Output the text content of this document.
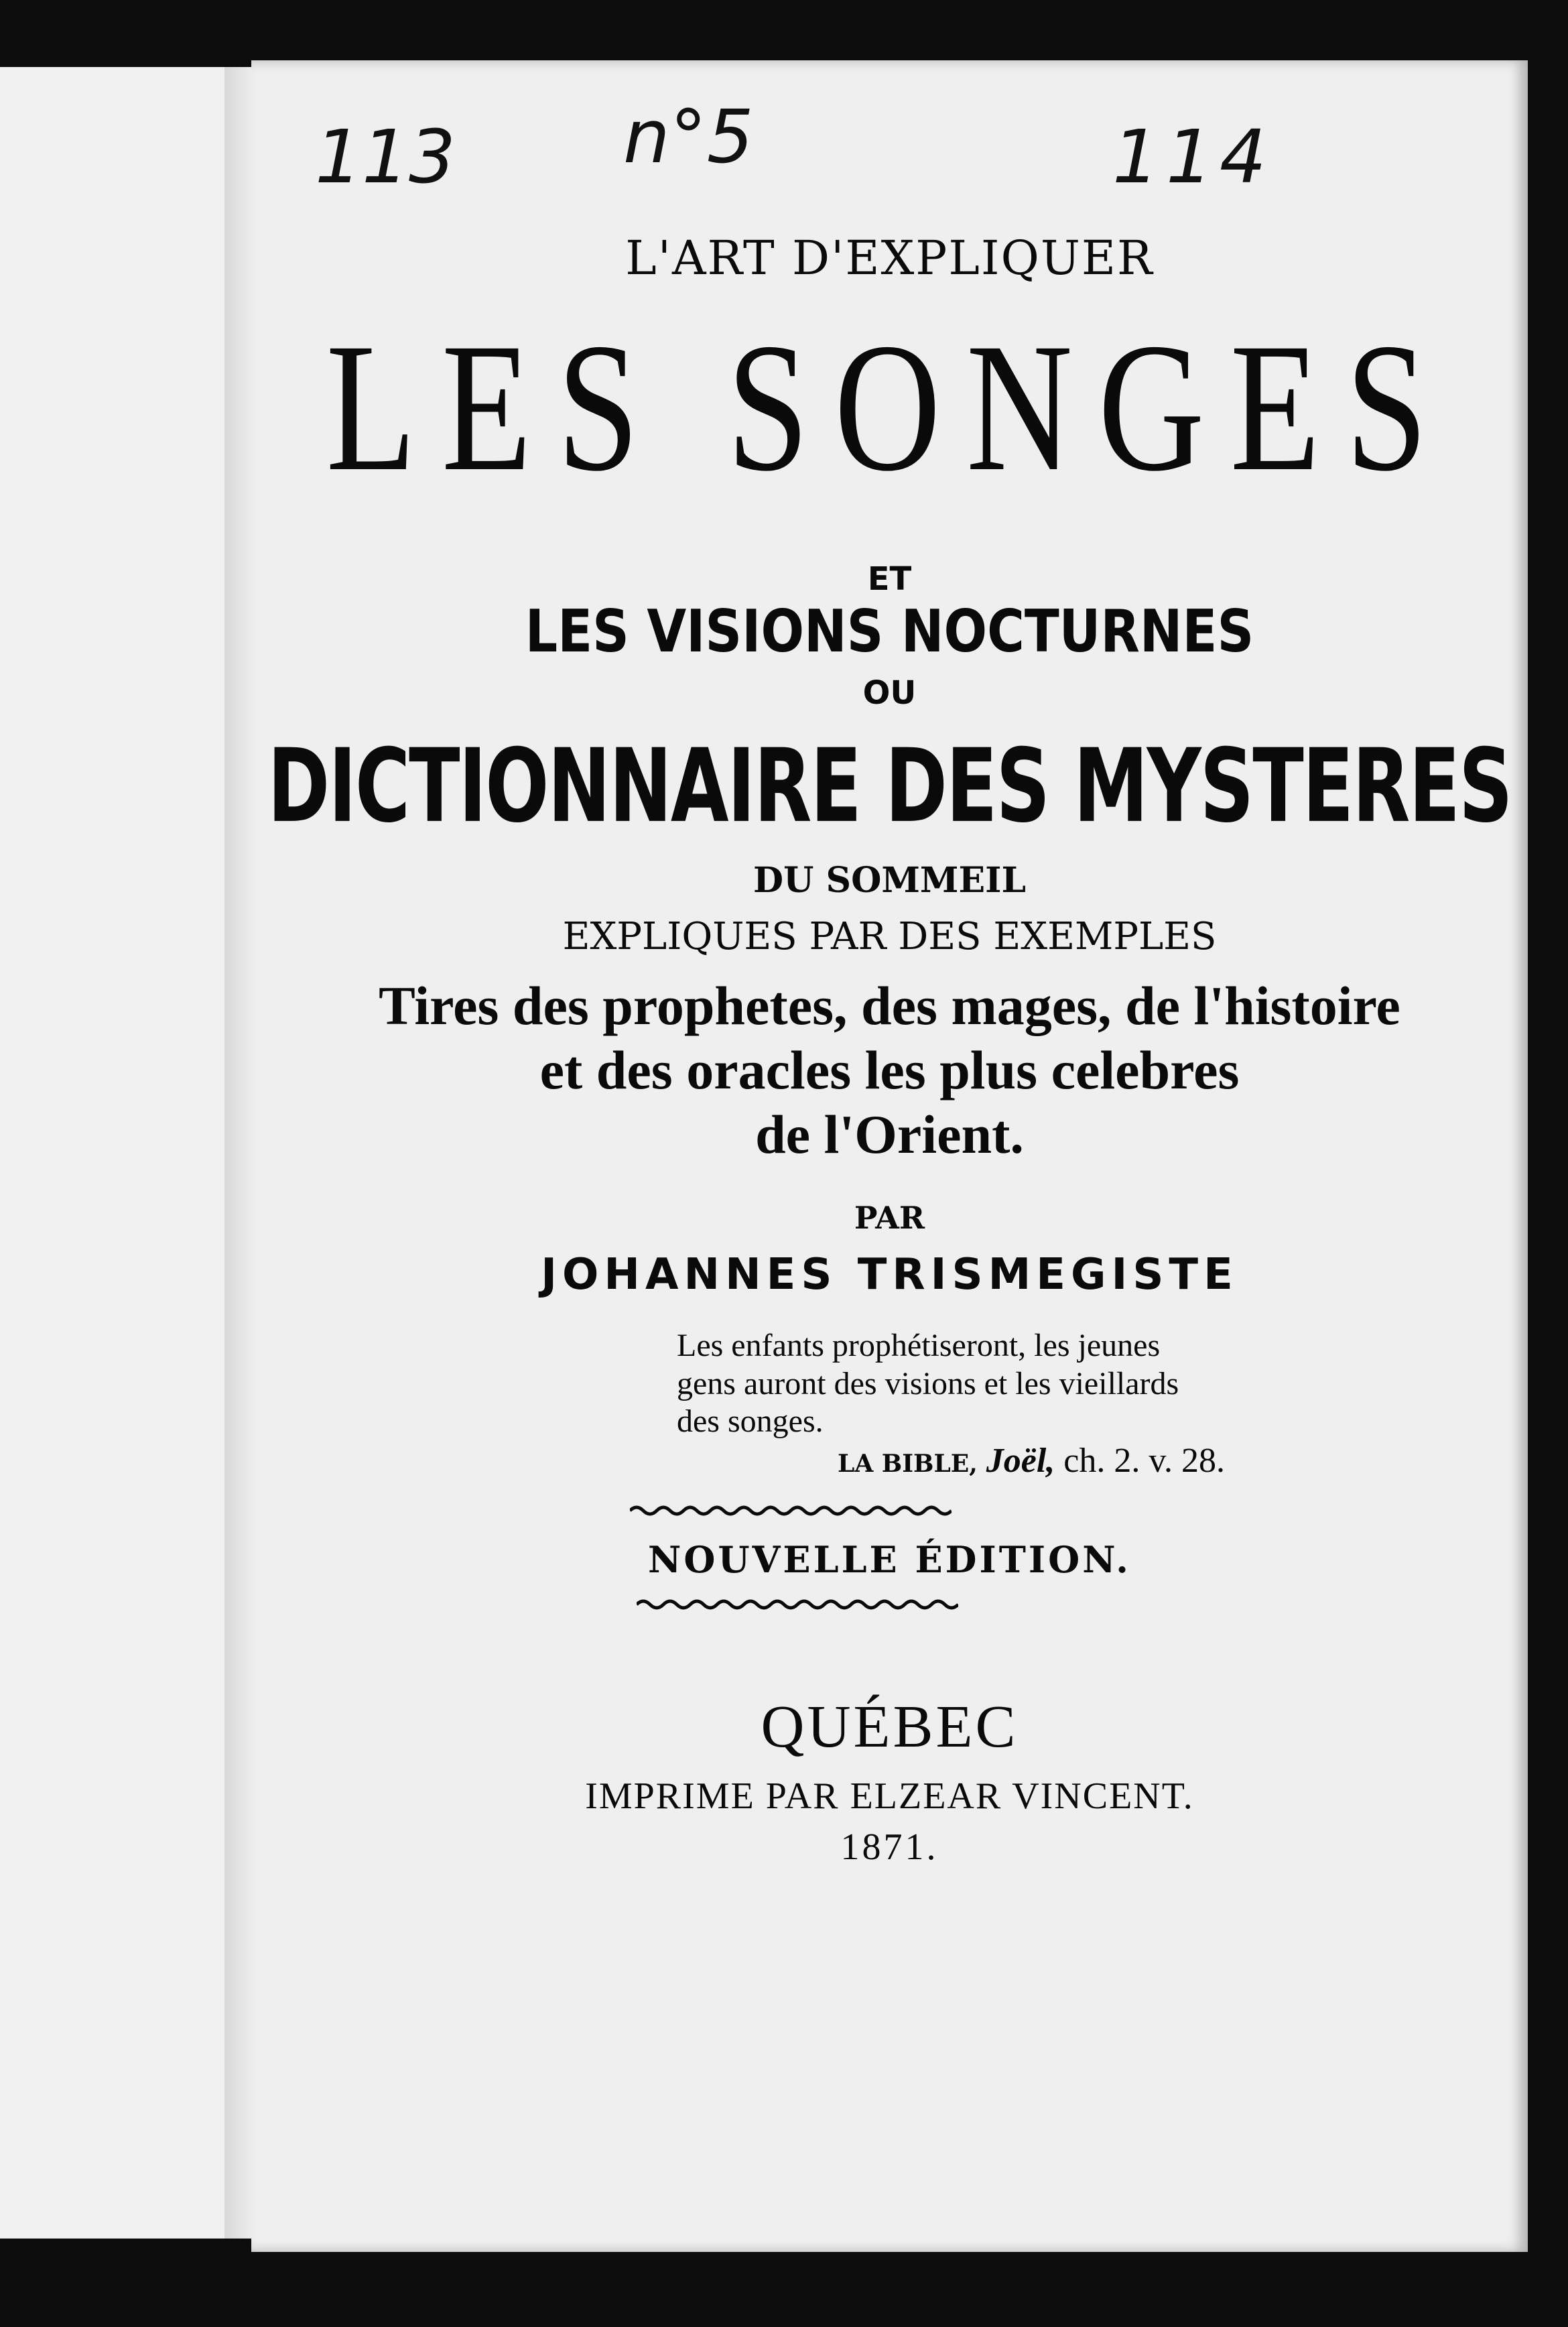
113 n°5	114
L'ART D'EXPLIQUER
LES SONGES
ET
LES VISIONS NOCTURNES
OU
DICTIONNAIRE DES MYSTERES
DU SOMMEIL
EXPLIQUES PAR DES EXEMPLES
Tires des prophetes, des mages, de l'histoire
et des oracles les plus celebres
de l'Orient.
PAR
JOHANNES TRISMEGISTE
Les enfants prophétiseront, les jeunes
gens auront des visions et les vieillards
des songes.
LA BIBLE, Joël, ch. 2. v. 28.
NOUVELLE ÉDITION.
QUÉBEC
IMPRIME PAR ELZEAR VINCENT.
1871.
